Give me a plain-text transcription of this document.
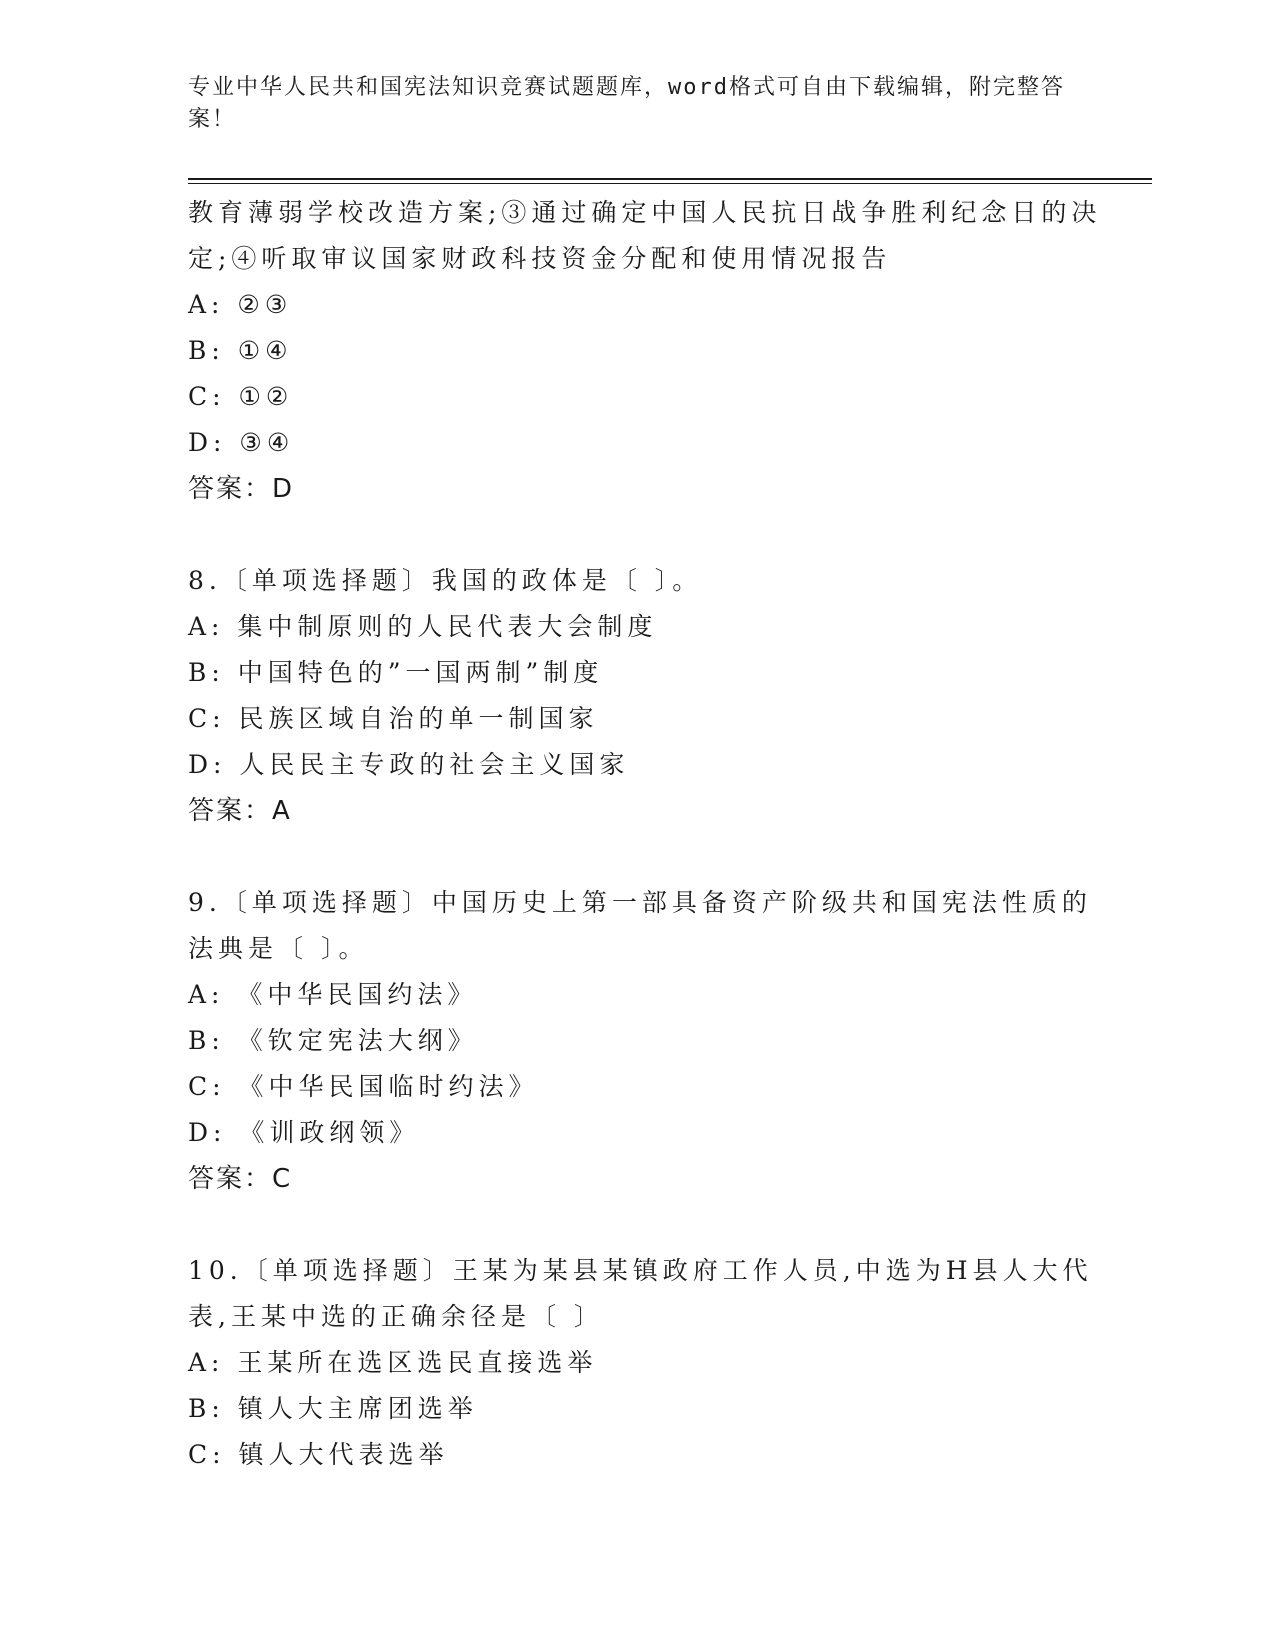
专业中华人民共和国宪法知识竞赛试题题库，word格式可自由下载编辑，附完整答案！
教育薄弱学校改造方案;③通过确定中国人民抗日战争胜利纪念日的决
定;④听取审议国家财政科技资金分配和使用情况报告
A: ②③
B: ①④
C: ①②
D: ③④
答案：D
8.〔单项选择题〕我国的政体是〔 〕。
A: 集中制原则的人民代表大会制度
B: 中国特色的”一国两制”制度
C: 民族区域自治的单一制国家
D: 人民民主专政的社会主义国家
答案：A
9.〔单项选择题〕中国历史上第一部具备资产阶级共和国宪法性质的
法典是〔 〕。
A: 《中华民国约法》
B: 《钦定宪法大纲》
C: 《中华民国临时约法》
D: 《训政纲领》
答案：C
10.〔单项选择题〕王某为某县某镇政府工作人员,中选为H县人大代
表,王某中选的正确余径是〔 〕
A: 王某所在选区选民直接选举
B: 镇人大主席团选举
C: 镇人大代表选举
